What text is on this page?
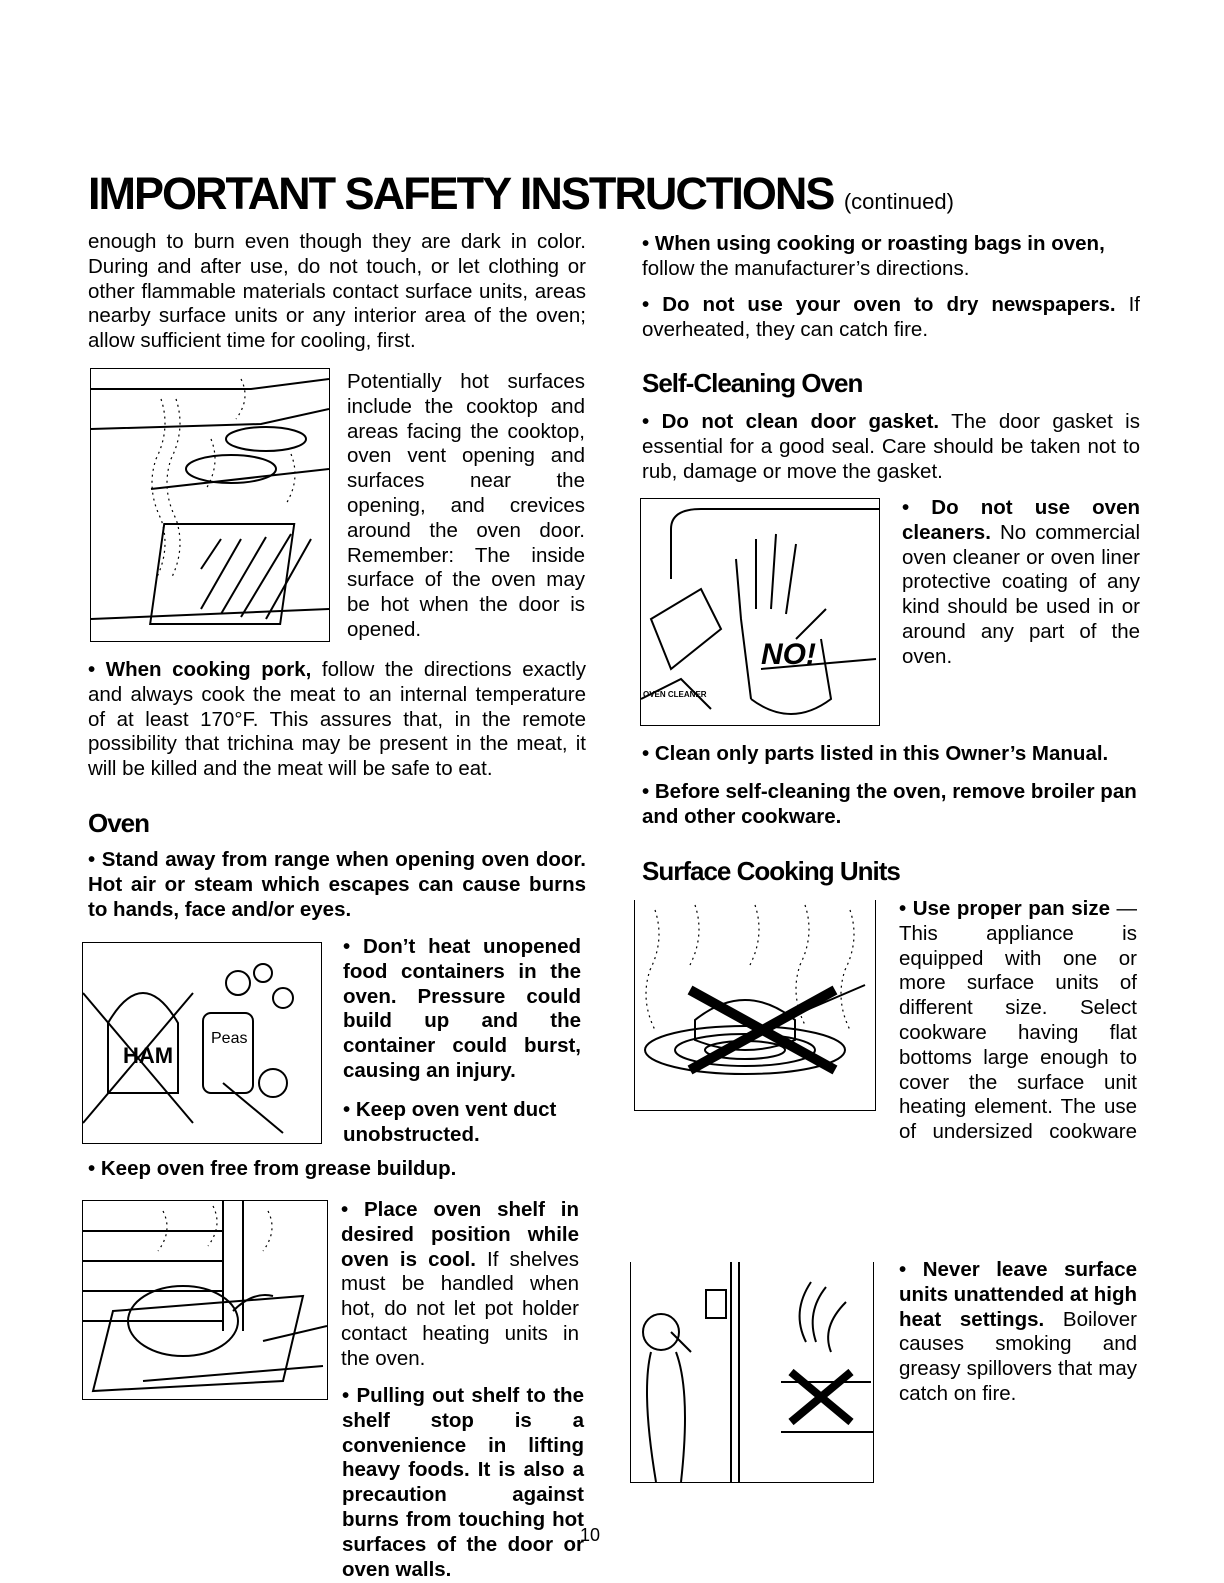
IMPORTANT SAFETY INSTRUCTIONS (continued)

enough to burn even though they are dark in color. During and after use, do not touch, or let clothing or other flammable materials contact surface units, areas nearby surface units or any interior area of the oven; allow sufficient time for cooling, first.

Potentially hot surfaces include the cooktop and areas facing the cooktop, oven vent opening and surfaces near the opening, and crevices around the oven door. Remember: The inside surface of the oven may be hot when the door is opened.

• When cooking pork, follow the directions exactly and always cook the meat to an internal temperature of at least 170°F. This assures that, in the remote possibility that trichina may be present in the meat, it will be killed and the meat will be safe to eat.

Oven

• Stand away from range when opening oven door. Hot air or steam which escapes can cause burns to hands, face and/or eyes.

HAM
Peas
• Don’t heat unopened food containers in the oven. Pressure could build up and the container could burst, causing an injury.
• Keep oven vent duct unobstructed.

• Keep oven free from grease buildup.

• Place oven shelf in desired position while oven is cool. If shelves must be handled when hot, do not let pot holder contact heating units in the oven.

• Pulling out shelf to the shelf stop is a convenience in lifting heavy foods. It is also a precaution against burns from touching hot surfaces of the door or oven walls.

• When using cooking or roasting bags in oven, follow the manufacturer’s directions.

• Do not use your oven to dry newspapers. If overheated, they can catch fire.

Self-Cleaning Oven

• Do not clean door gasket. The door gasket is essential for a good seal. Care should be taken not to rub, damage or move the gasket.

NO!
OVEN CLEANER
• Do not use oven cleaners. No commercial oven cleaner or oven liner protective coating of any kind should be used in or around any part of the oven.

• Clean only parts listed in this Owner’s Manual.

• Before self-cleaning the oven, remove broiler pan and other cookware.

Surface Cooking Units
• Use proper pan size —This appliance is equipped with one or more surface units of different size. Select cookware having flat bottoms large enough to cover the surface unit heating element. The use of undersized cookware
• Never leave surface units unattended at high heat settings. Boilover causes smoking and greasy spillovers that may catch on fire.
10
